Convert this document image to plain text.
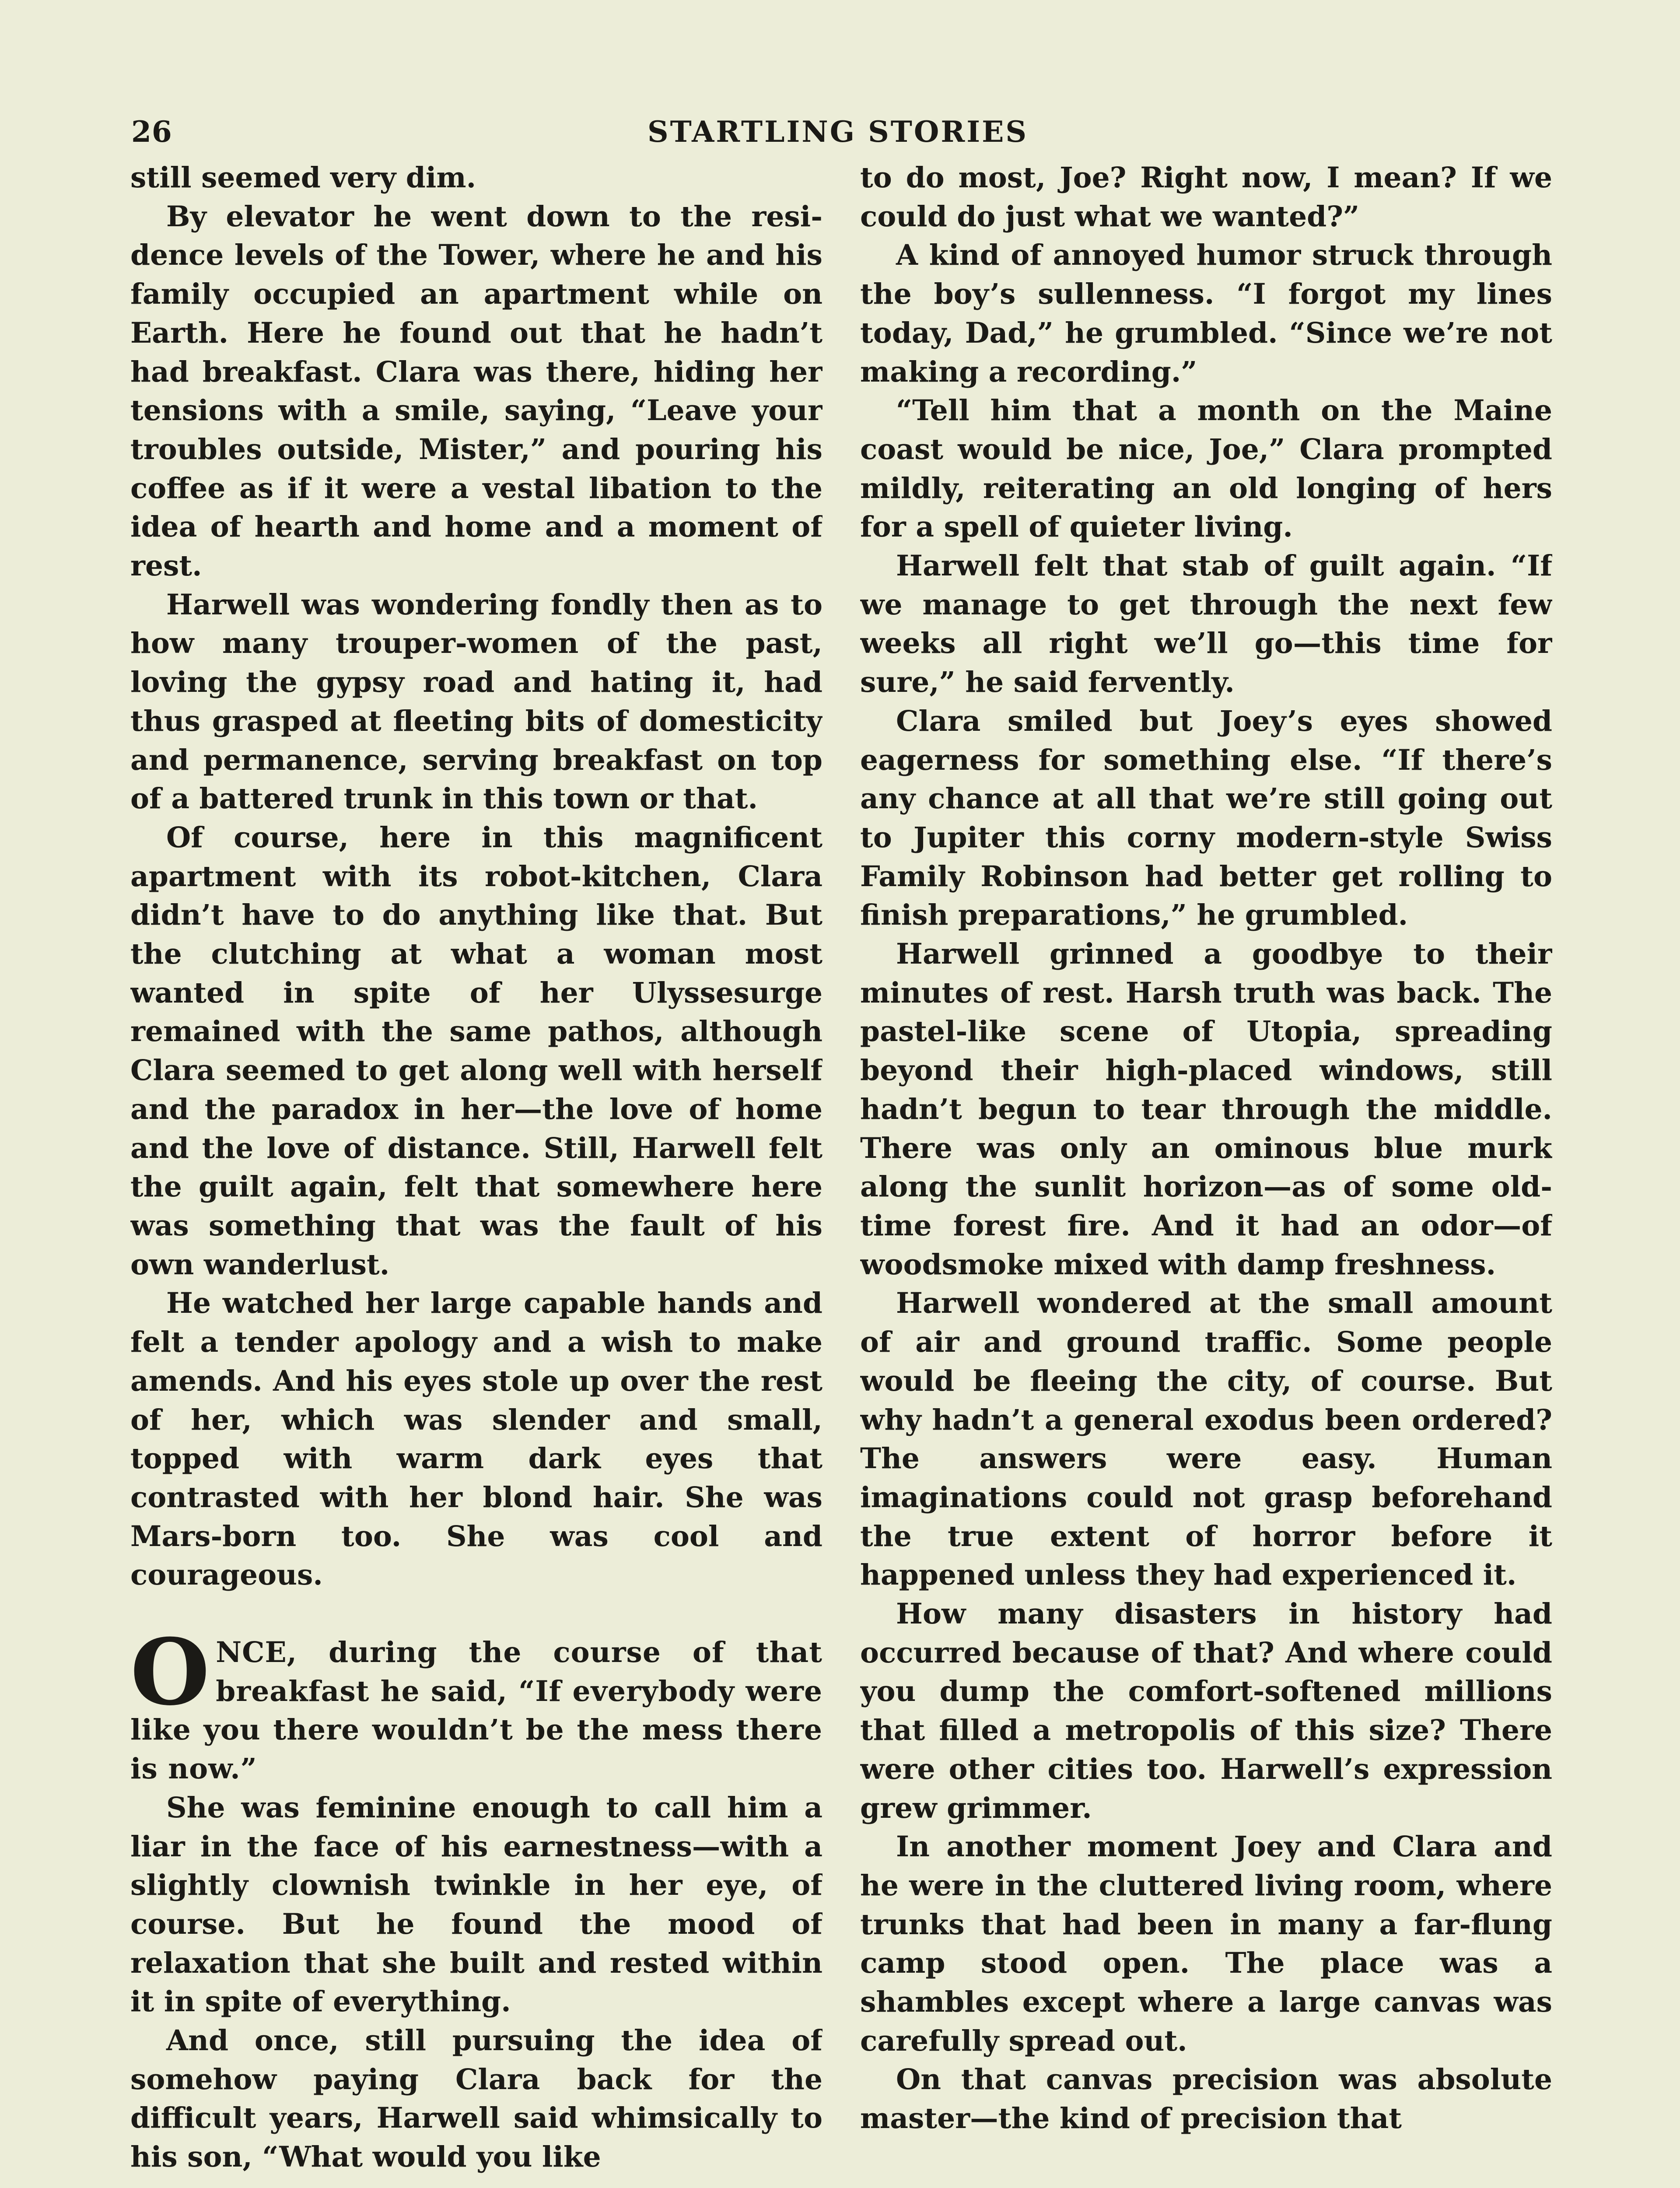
26	STARTLING STORIES

still seemed very dim.

By elevator he went down to the residence levels of the Tower, where he and his family occupied an apartment while on Earth. Here he found out that he hadn’t had breakfast. Clara was there, hiding her tensions with a smile, saying, “Leave your troubles outside, Mister,” and pouring his coffee as if it were a vestal libation to the idea of hearth and home and a moment of rest.

Harwell was wondering fondly then as to how many trouper-women of the past, loving the gypsy road and hating it, had thus grasped at fleeting bits of domesticity and permanence, serving breakfast on top of a battered trunk in this town or that.

Of course, here in this magnificent apartment with its robot-kitchen, Clara didn’t have to do anything like that. But the clutching at what a woman most wanted in spite of her Ulyssesurge remained with the same pathos, although Clara seemed to get along well with herself and the paradox in her—the love of home and the love of distance. Still, Harwell felt the guilt again, felt that somewhere here was something that was the fault of his own wanderlust.

He watched her large capable hands and felt a tender apology and a wish to make amends. And his eyes stole up over the rest of her, which was slender and small, topped with warm dark eyes that contrasted with her blond hair. She was Mars-born too. She was cool and courageous.

ONCE, during the course of that breakfast he said, “If everybody were like you there wouldn’t be the mess there is now.”

She was feminine enough to call him a liar in the face of his earnestness—with a slightly clownish twinkle in her eye, of course. But he found the mood of relaxation that she built and rested within it in spite of everything.

And once, still pursuing the idea of somehow paying Clara back for the difficult years, Harwell said whimsically to his son, “What would you like

to do most, Joe? Right now, I mean? If we could do just what we wanted?”

A kind of annoyed humor struck through the boy’s sullenness. “I forgot my lines today, Dad,” he grumbled. “Since we’re not making a recording.”

“Tell him that a month on the Maine coast would be nice, Joe,” Clara prompted mildly, reiterating an old longing of hers for a spell of quieter living.

Harwell felt that stab of guilt again. “If we manage to get through the next few weeks all right we’ll go—this time for sure,” he said fervently.

Clara smiled but Joey’s eyes showed eagerness for something else. “If there’s any chance at all that we’re still going out to Jupiter this corny modern-style Swiss Family Robinson had better get rolling to finish preparations,” he grumbled.

Harwell grinned a goodbye to their minutes of rest. Harsh truth was back. The pastel-like scene of Utopia, spreading beyond their high-placed windows, still hadn’t begun to tear through the middle. There was only an ominous blue murk along the sunlit horizon—as of some old-time forest fire. And it had an odor—of woodsmoke mixed with damp freshness.

Harwell wondered at the small amount of air and ground traffic. Some people would be fleeing the city, of course. But why hadn’t a general exodus been ordered? The answers were easy. Human imaginations could not grasp beforehand the true extent of horror before it happened unless they had experienced it.

How many disasters in history had occurred because of that? And where could you dump the comfort-softened millions that filled a metropolis of this size? There were other cities too. Harwell’s expression grew grimmer.

In another moment Joey and Clara and he were in the cluttered living room, where trunks that had been in many a far-flung camp stood open. The place was a shambles except where a large canvas was carefully spread out.

On that canvas precision was absolute master—the kind of precision that
